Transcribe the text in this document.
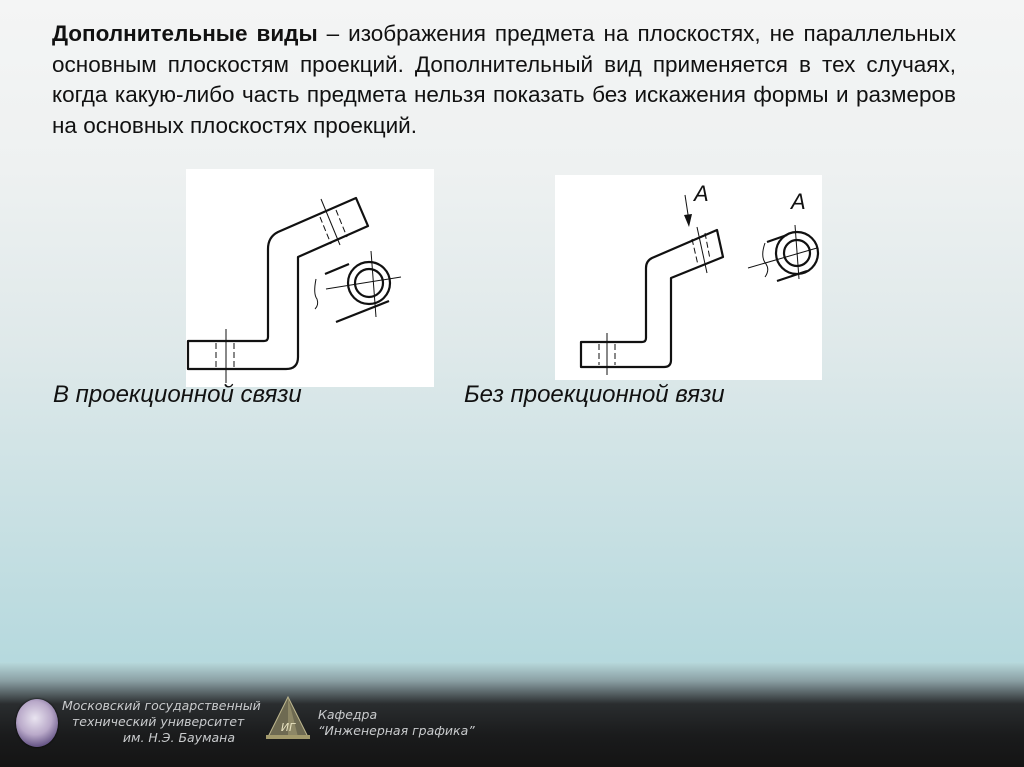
Дополнительные виды – изображения предмета на плоскостях, не параллельных основным плоскостям проекций. Дополнительный вид применяется в тех случаях, когда какую-либо часть предмета нельзя показать без искажения формы и размеров на основных плоскостях проекций.
A	A
В проекционной связи	Без проекционной вязи
Московский государственный
технический университет
им. Н.Э. Баумана
ИГ
Кафедра
“Инженерная графика”
